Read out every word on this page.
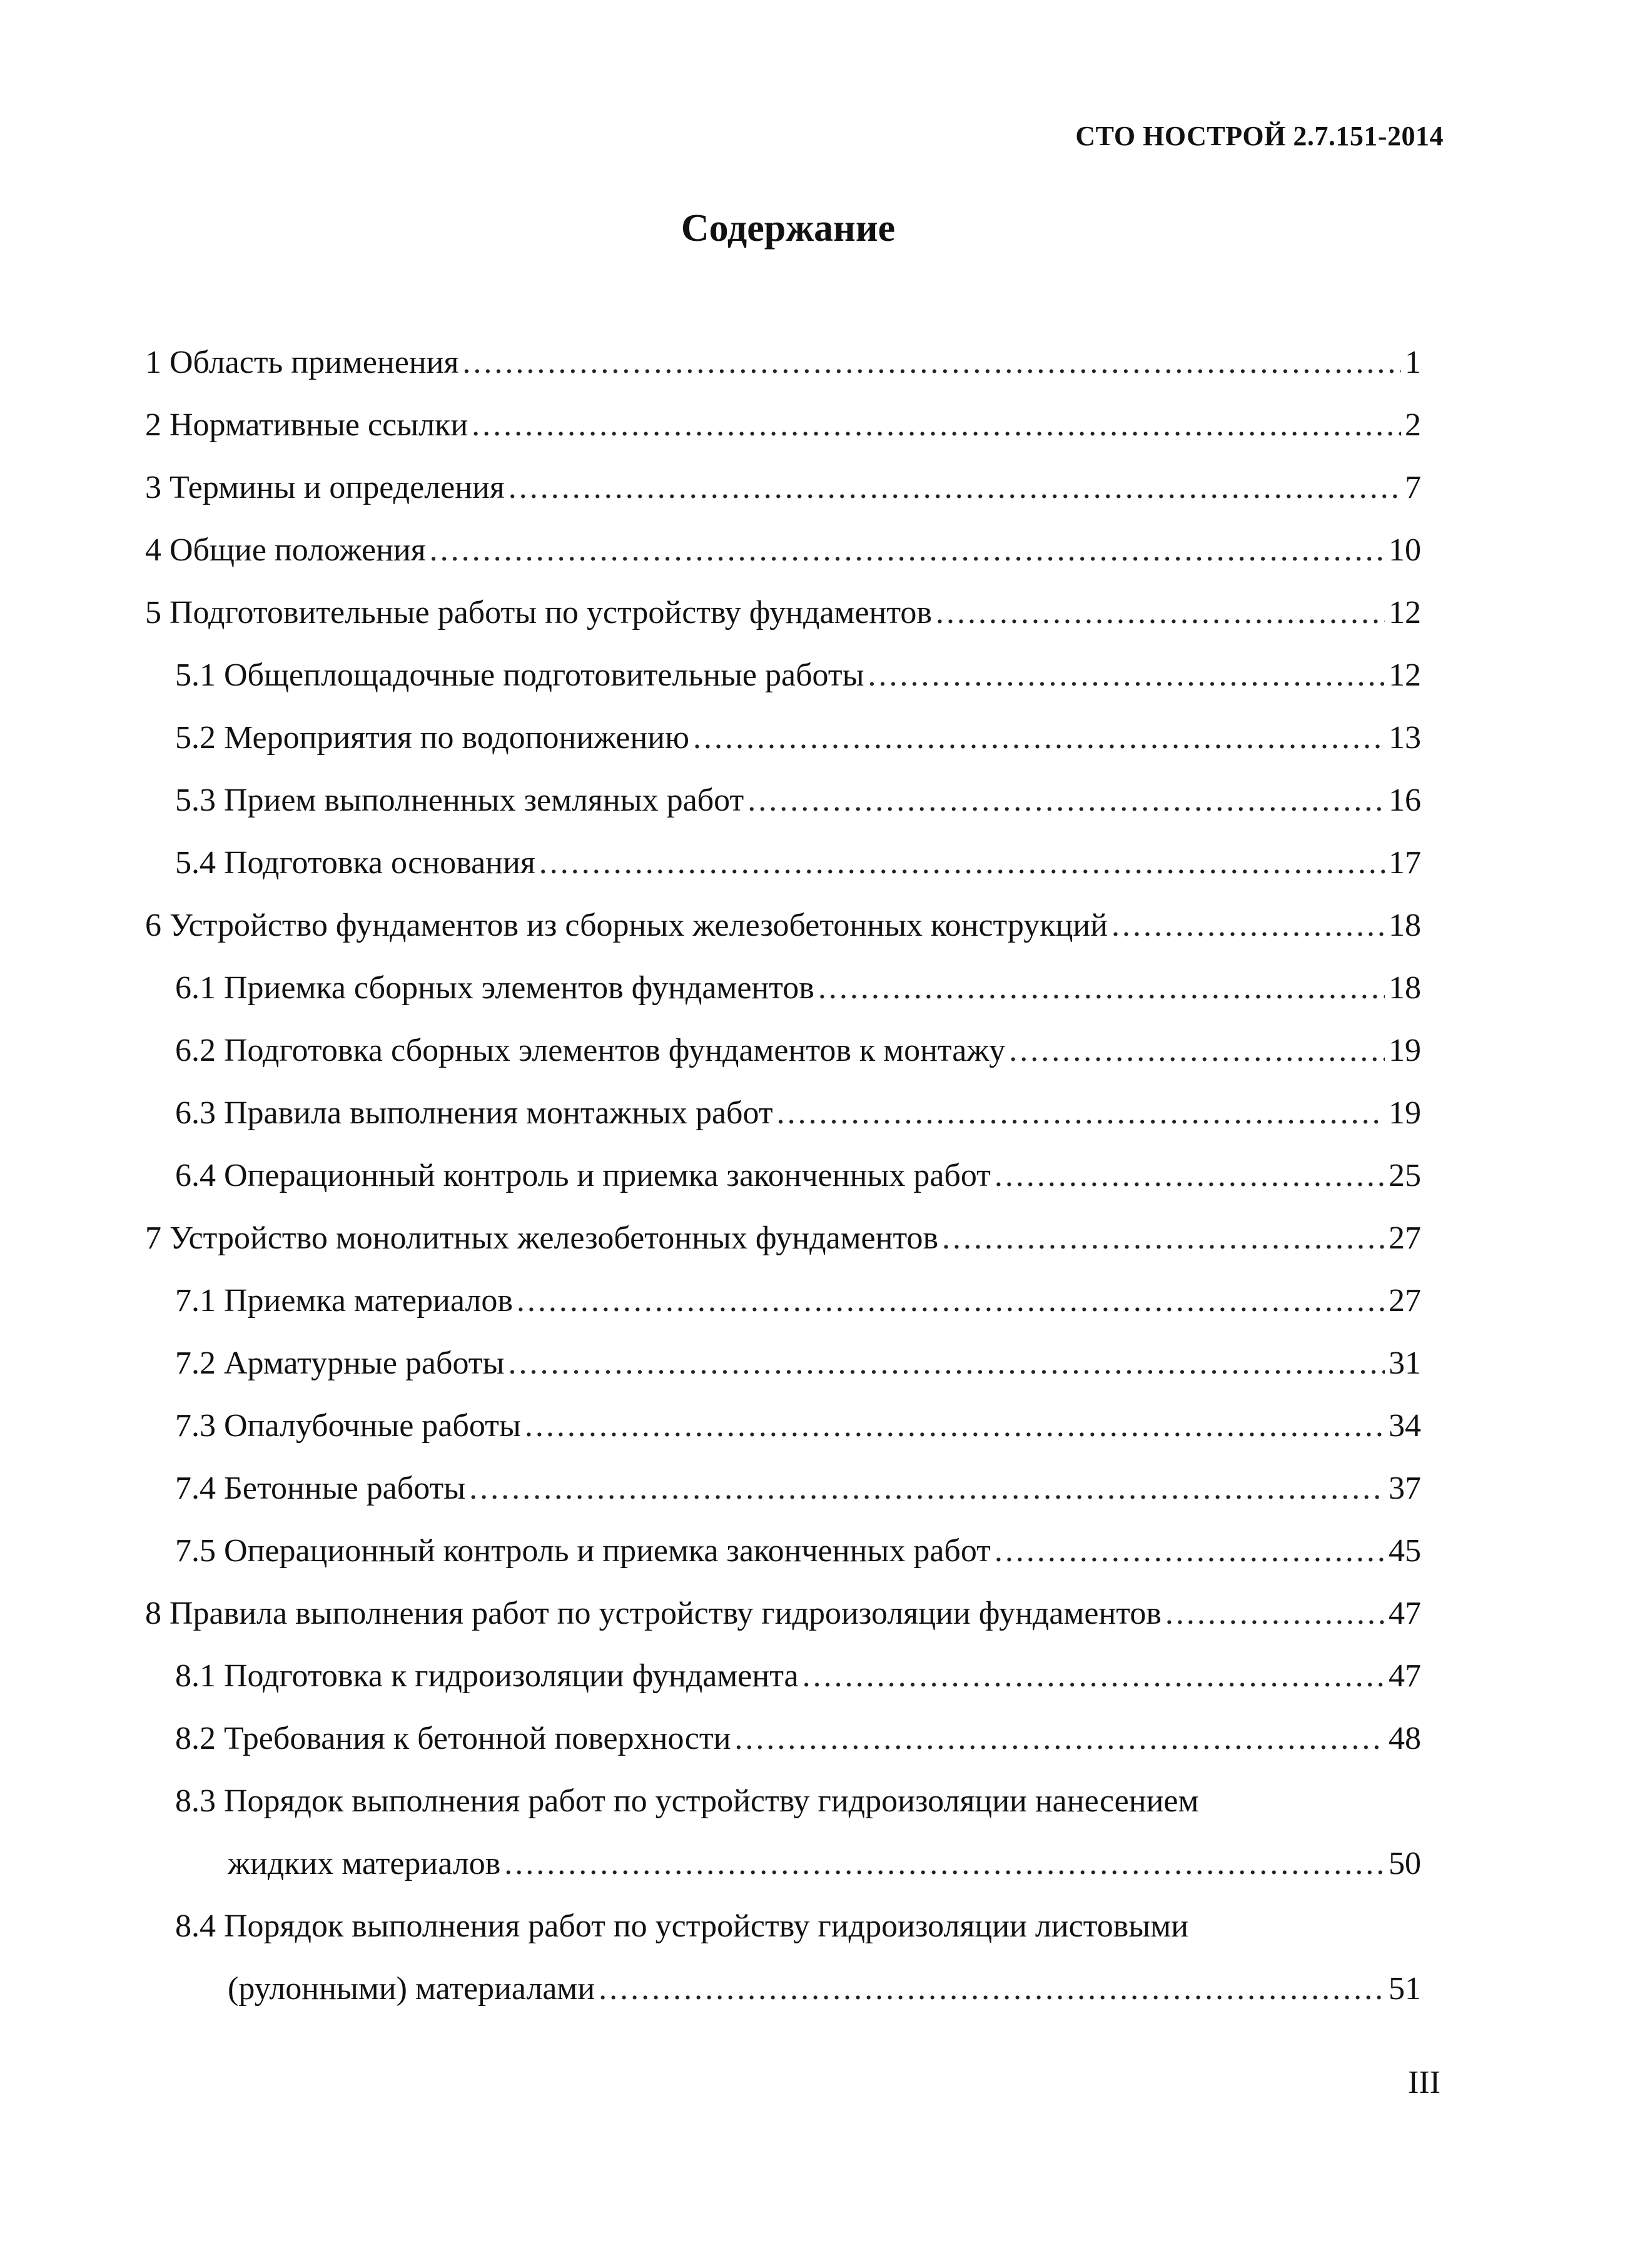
СТО НОСТРОЙ 2.7.151-2014
Содержание
1 Область применения .....	1
2 Нормативные ссылки .....	2
3 Термины и определения .....	7
4 Общие положения .....	10
5 Подготовительные работы по устройству фундаментов .....	12
5.1 Общеплощадочные подготовительные работы .....	12
5.2 Мероприятия по водопонижению .....	13
5.3 Прием выполненных земляных работ .....	16
5.4 Подготовка основания .....	17
6 Устройство фундаментов из сборных железобетонных конструкций .....	18
6.1 Приемка сборных элементов фундаментов .....	18
6.2 Подготовка сборных элементов фундаментов к монтажу .....	19
6.3 Правила выполнения монтажных работ .....	19
6.4 Операционный контроль и приемка законченных работ .....	25
7 Устройство монолитных железобетонных фундаментов .....	27
7.1 Приемка материалов .....	27
7.2 Арматурные работы .....	31
7.3 Опалубочные работы .....	34
7.4 Бетонные работы .....	37
7.5 Операционный контроль и приемка законченных работ .....	45
8 Правила выполнения работ по устройству гидроизоляции фундаментов .....	47
8.1 Подготовка к гидроизоляции фундамента .....	47
8.2 Требования к бетонной поверхности .....	48
8.3 Порядок выполнения работ по устройству гидроизоляции нанесением
жидких материалов .....	50
8.4 Порядок выполнения работ по устройству гидроизоляции листовыми
(рулонными) материалами .....	51
III
